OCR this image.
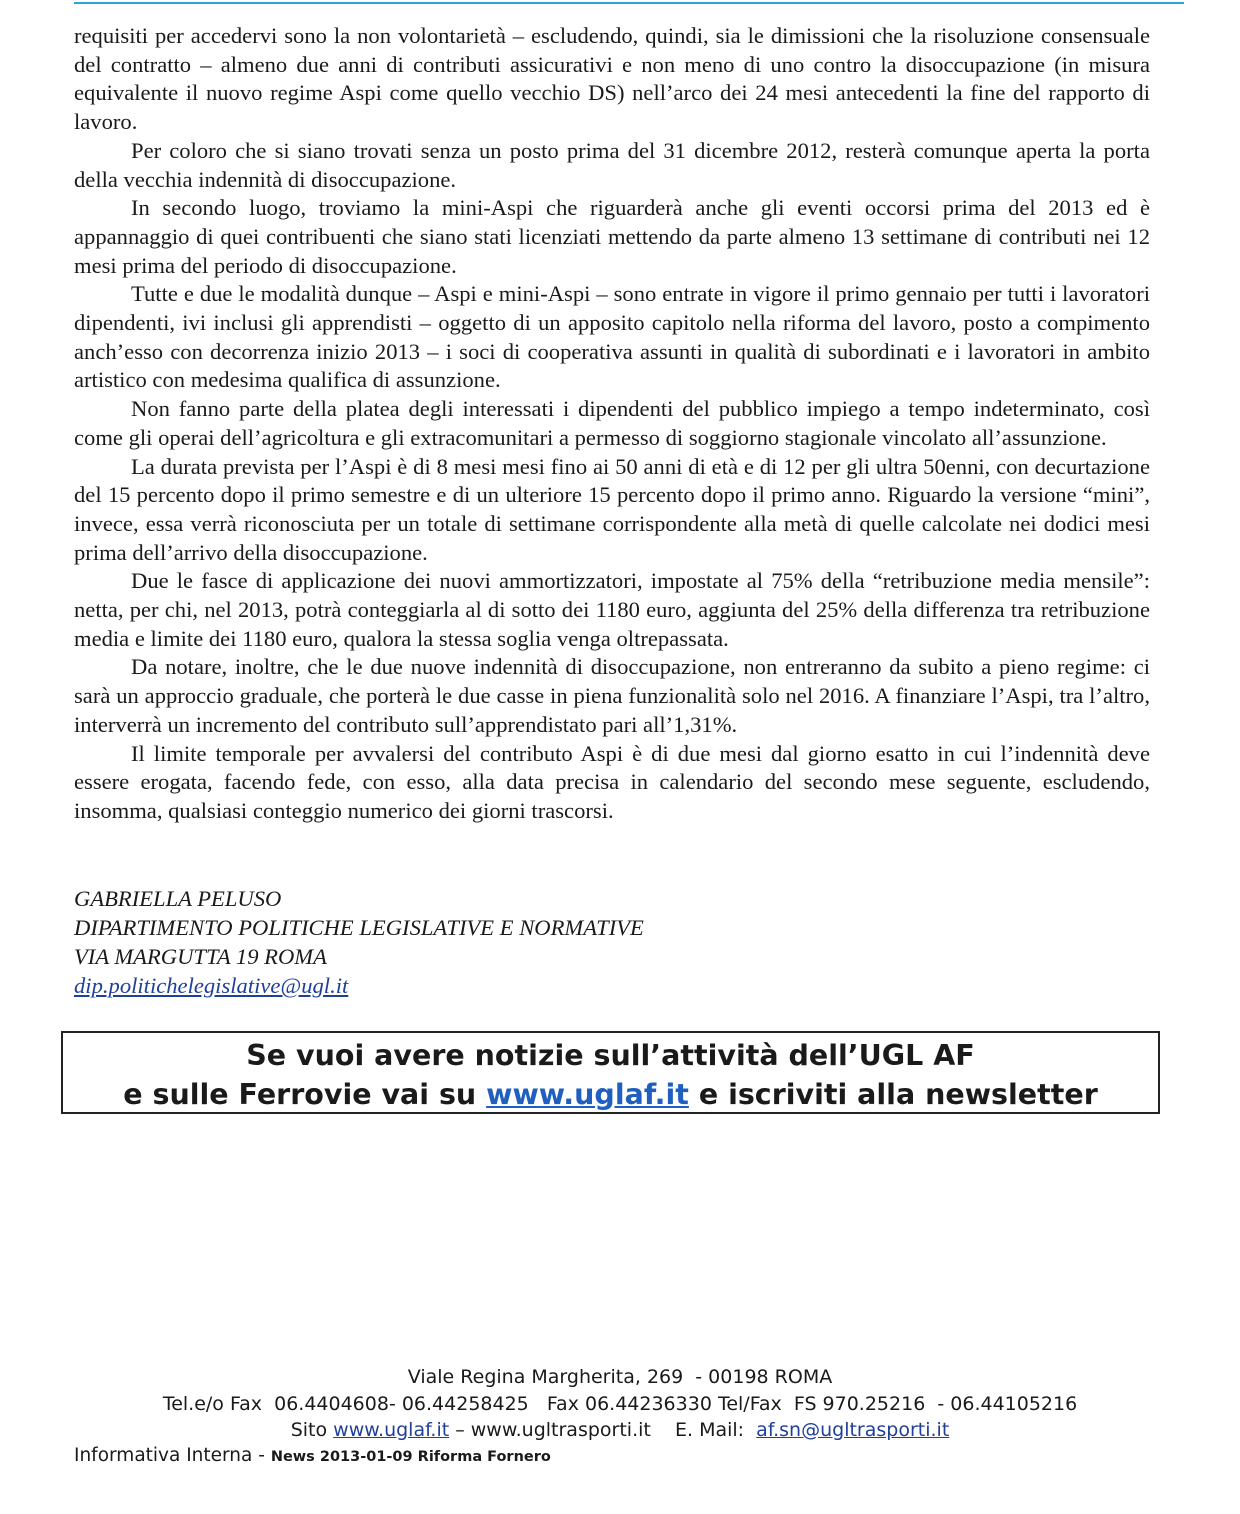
requisiti per accedervi sono la non volontarietà – escludendo, quindi, sia le dimissioni che la risoluzione consensuale del contratto – almeno due anni di contributi assicurativi e non meno di uno contro la disoccupazione (in misura equivalente il nuovo regime Aspi come quello vecchio DS) nell’arco dei 24 mesi antecedenti la fine del rapporto di lavoro.

Per coloro che si siano trovati senza un posto prima del 31 dicembre 2012, resterà comunque aperta la porta della vecchia indennità di disoccupazione.

In secondo luogo, troviamo la mini-Aspi che riguarderà anche gli eventi occorsi prima del 2013 ed è appannaggio di quei contribuenti che siano stati licenziati mettendo da parte almeno 13 settimane di contributi nei 12 mesi prima del periodo di disoccupazione.

Tutte e due le modalità dunque – Aspi e mini-Aspi – sono entrate in vigore il primo gennaio per tutti i lavoratori dipendenti, ivi inclusi gli apprendisti – oggetto di un apposito capitolo nella riforma del lavoro, posto a compimento anch’esso con decorrenza inizio 2013 – i soci di cooperativa assunti in qualità di subordinati e i lavoratori in ambito artistico con medesima qualifica di assunzione.

Non fanno parte della platea degli interessati i dipendenti del pubblico impiego a tempo indeterminato, così come gli operai dell’agricoltura e gli extracomunitari a permesso di soggiorno stagionale vincolato all’assunzione.

La durata prevista per l’Aspi è di 8 mesi mesi fino ai 50 anni di età e di 12 per gli ultra 50enni, con decurtazione del 15 percento dopo il primo semestre e di un ulteriore 15 percento dopo il primo anno. Riguardo la versione “mini”, invece, essa verrà riconosciuta per un totale di settimane corrispondente alla metà di quelle calcolate nei dodici mesi prima dell’arrivo della disoccupazione.

Due le fasce di applicazione dei nuovi ammortizzatori, impostate al 75% della “retribuzione media mensile”: netta, per chi, nel 2013, potrà conteggiarla al di sotto dei 1180 euro, aggiunta del 25% della differenza tra retribuzione media e limite dei 1180 euro, qualora la stessa soglia venga oltrepassata.

Da notare, inoltre, che le due nuove indennità di disoccupazione, non entreranno da subito a pieno regime: ci sarà un approccio graduale, che porterà le due casse in piena funzionalità solo nel 2016. A finanziare l’Aspi, tra l’altro, interverrà un incremento del contributo sull’apprendistato pari all’1,31%.

Il limite temporale per avvalersi del contributo Aspi è di due mesi dal giorno esatto in cui l’indennità deve essere erogata, facendo fede, con esso, alla data precisa in calendario del secondo mese seguente, escludendo, insomma, qualsiasi conteggio numerico dei giorni trascorsi.

GABRIELLA PELUSO
DIPARTIMENTO POLITICHE LEGISLATIVE E NORMATIVE
VIA MARGUTTA 19 ROMA
dip.politichelegislative@ugl.it
Se vuoi avere notizie sull’attività dell’UGL AF
e sulle Ferrovie vai su www.uglaf.it e iscriviti alla newsletter
Viale Regina Margherita, 269  - 00198 ROMA
Tel.e/o Fax  06.4404608- 06.44258425   Fax 06.44236330 Tel/Fax  FS 970.25216  - 06.44105216
Sito www.uglaf.it – www.ugltrasporti.it    E. Mail:  af.sn@ugltrasporti.it
Informativa Interna - News 2013-01-09 Riforma Fornero
